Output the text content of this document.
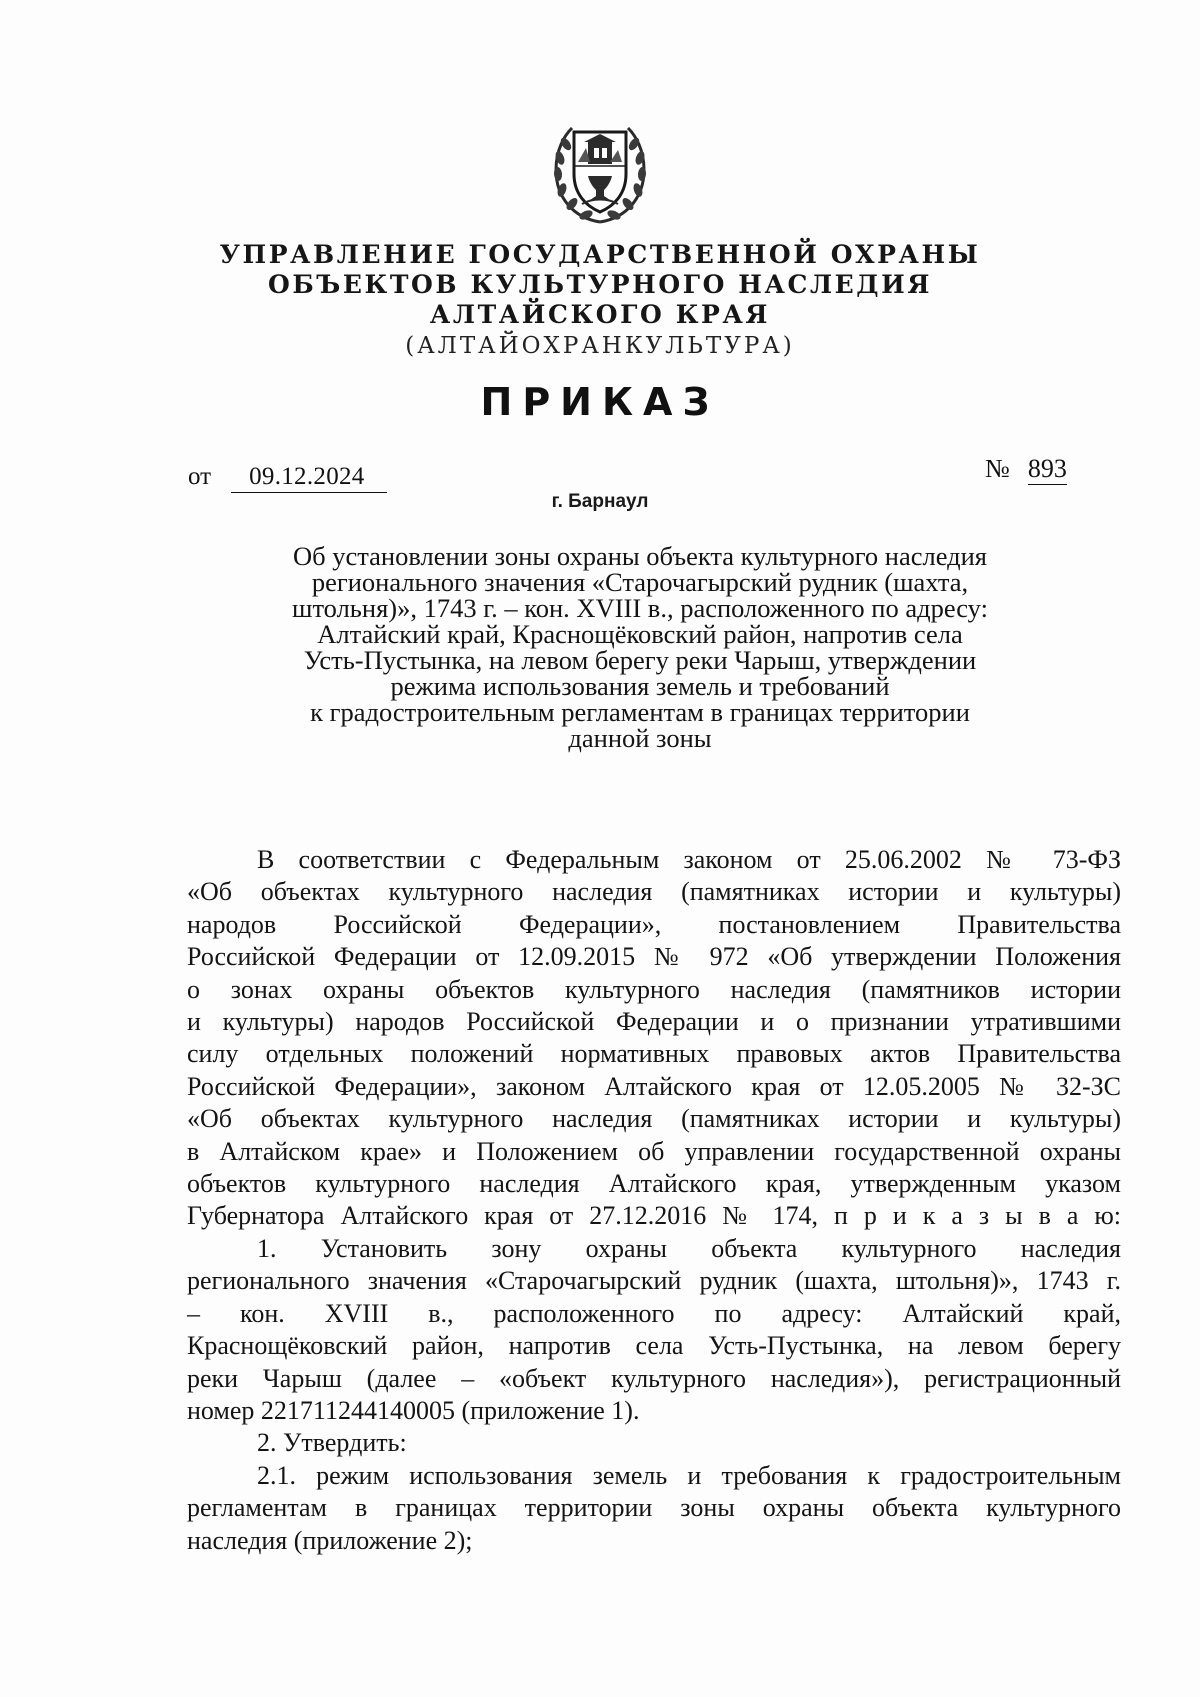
УПРАВЛЕНИЕ ГОСУДАРСТВЕННОЙ ОХРАНЫ
ОБЪЕКТОВ КУЛЬТУРНОГО НАСЛЕДИЯ
АЛТАЙСКОГО КРАЯ
(АЛТАЙОХРАНКУЛЬТУРА)
ПРИКАЗ
от 09.12.2024	№ 893
г. Барнаул
Об установлении зоны охраны объекта культурного наследия
регионального значения «Старочагырский рудник (шахта,
штольня)», 1743 г. – кон. XVIII в., расположенного по адресу:
Алтайский край, Краснощёковский район, напротив села
Усть-Пустынка, на левом берегу реки Чарыш, утверждении
режима использования земель и требований
к градостроительным регламентам в границах территории
данной зоны

В соответствии с Федеральным законом от 25.06.2002 № 73-ФЗ

«Об объектах культурного наследия (памятниках истории и культуры)

народов Российской Федерации», постановлением Правительства

Российской Федерации от 12.09.2015 № 972 «Об утверждении Положения

о зонах охраны объектов культурного наследия (памятников истории

и культуры) народов Российской Федерации и о признании утратившими

силу отдельных положений нормативных правовых актов Правительства

Российской Федерации», законом Алтайского края от 12.05.2005 № 32-ЗС

«Об объектах культурного наследия (памятниках истории и культуры)

в Алтайском крае» и Положением об управлении государственной охраны

объектов культурного наследия Алтайского края, утвержденным указом

Губернатора Алтайского края от 27.12.2016 № 174, п р и к а з ы в а ю:

1. Установить зону охраны объекта культурного наследия

регионального значения «Старочагырский рудник (шахта, штольня)», 1743 г.

– кон. XVIII в., расположенного по адресу: Алтайский край,

Краснощёковский район, напротив села Усть-Пустынка, на левом берегу

реки Чарыш (далее – «объект культурного наследия»), регистрационный

номер 221711244140005 (приложение 1).

2. Утвердить:

2.1. режим использования земель и требования к градостроительным

регламентам в границах территории зоны охраны объекта культурного

наследия (приложение 2);
